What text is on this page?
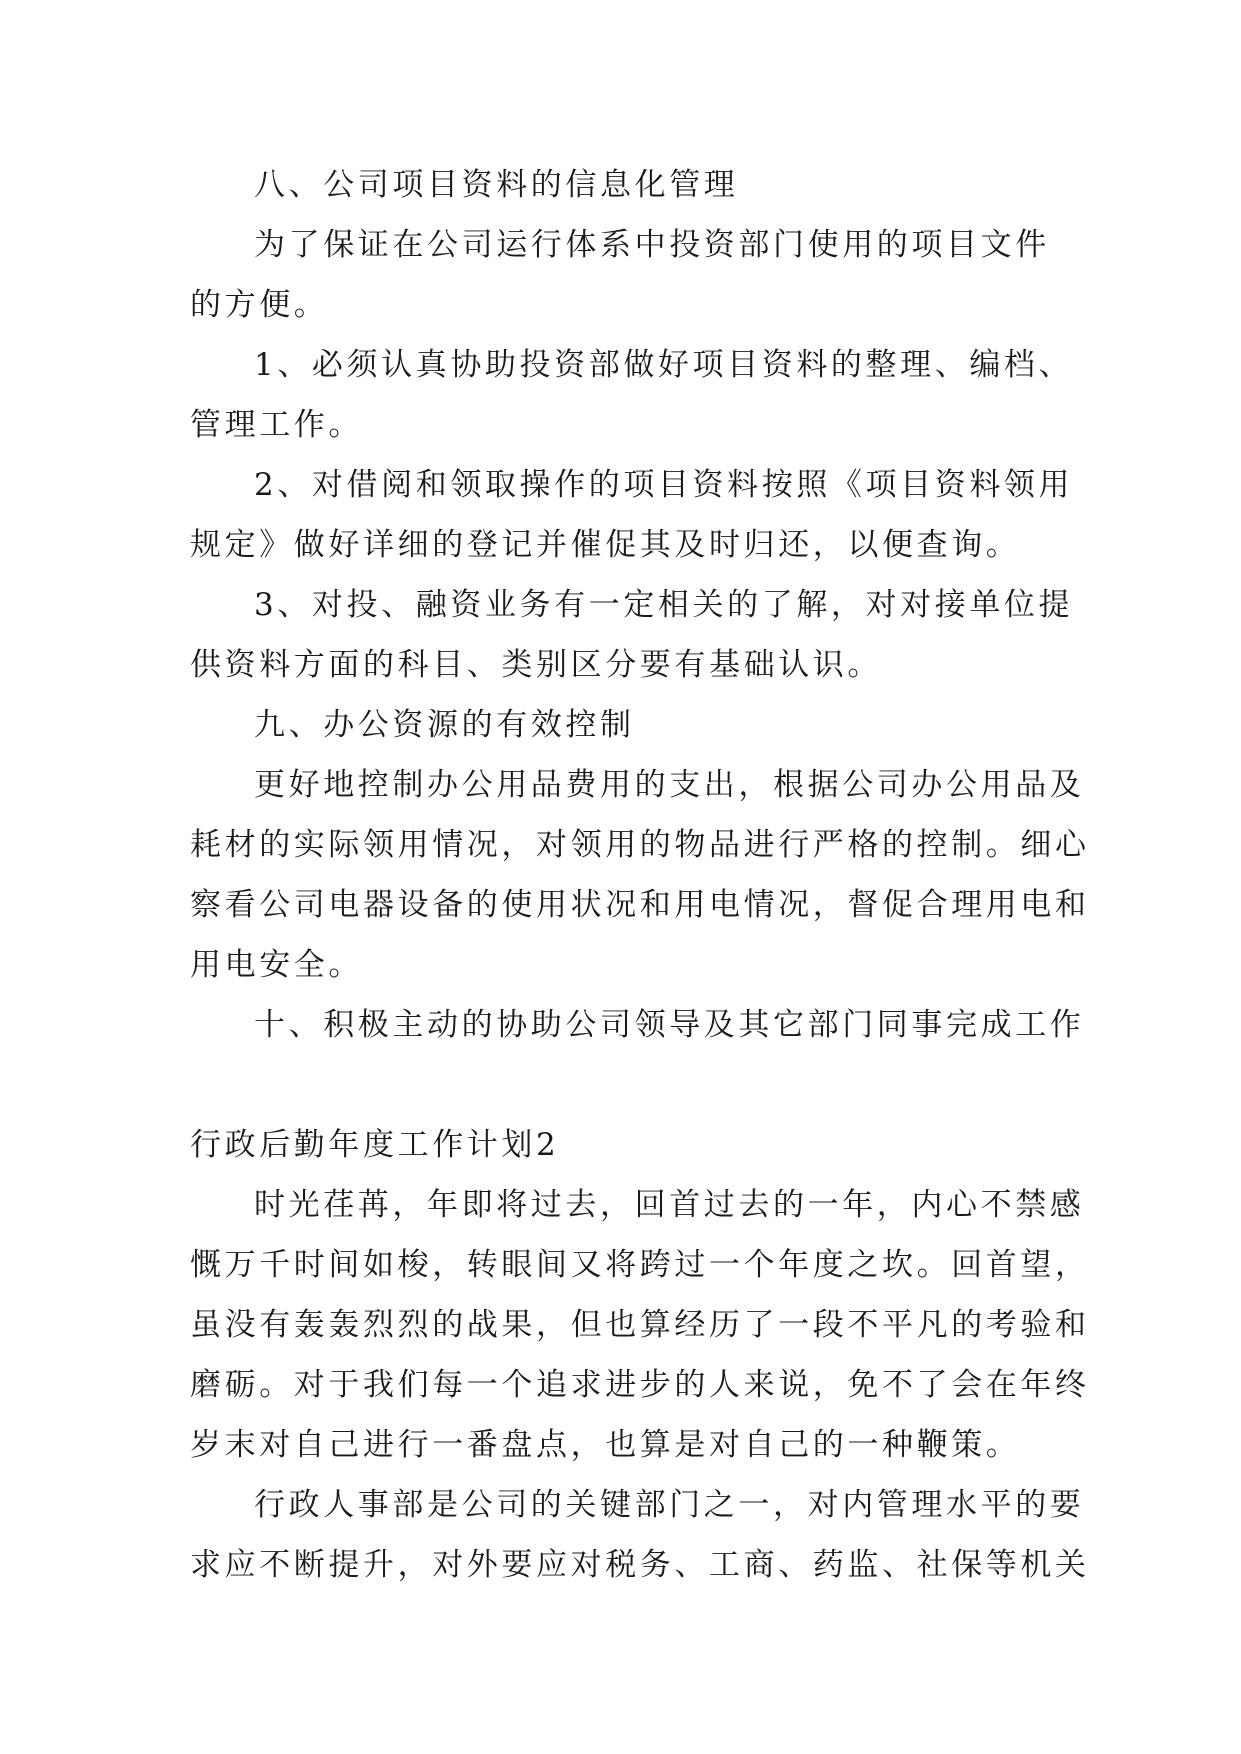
八、公司项目资料的信息化管理
为了保证在公司运行体系中投资部门使用的项目文件
的方便。
1、必须认真协助投资部做好项目资料的整理、编档、
管理工作。
2、对借阅和领取操作的项目资料按照《项目资料领用
规定》做好详细的登记并催促其及时归还，以便查询。
3、对投、融资业务有一定相关的了解，对对接单位提
供资料方面的科目、类别区分要有基础认识。
九、办公资源的有效控制
更好地控制办公用品费用的支出，根据公司办公用品及
耗材的实际领用情况，对领用的物品进行严格的控制。细心
察看公司电器设备的使用状况和用电情况，督促合理用电和
用电安全。
十、积极主动的协助公司领导及其它部门同事完成工作
行政后勤年度工作计划2
时光荏苒，年即将过去，回首过去的一年，内心不禁感
慨万千时间如梭，转眼间又将跨过一个年度之坎。回首望，
虽没有轰轰烈烈的战果，但也算经历了一段不平凡的考验和
磨砺。对于我们每一个追求进步的人来说，免不了会在年终
岁末对自己进行一番盘点，也算是对自己的一种鞭策。
行政人事部是公司的关键部门之一，对内管理水平的要
求应不断提升，对外要应对税务、工商、药监、社保等机关
